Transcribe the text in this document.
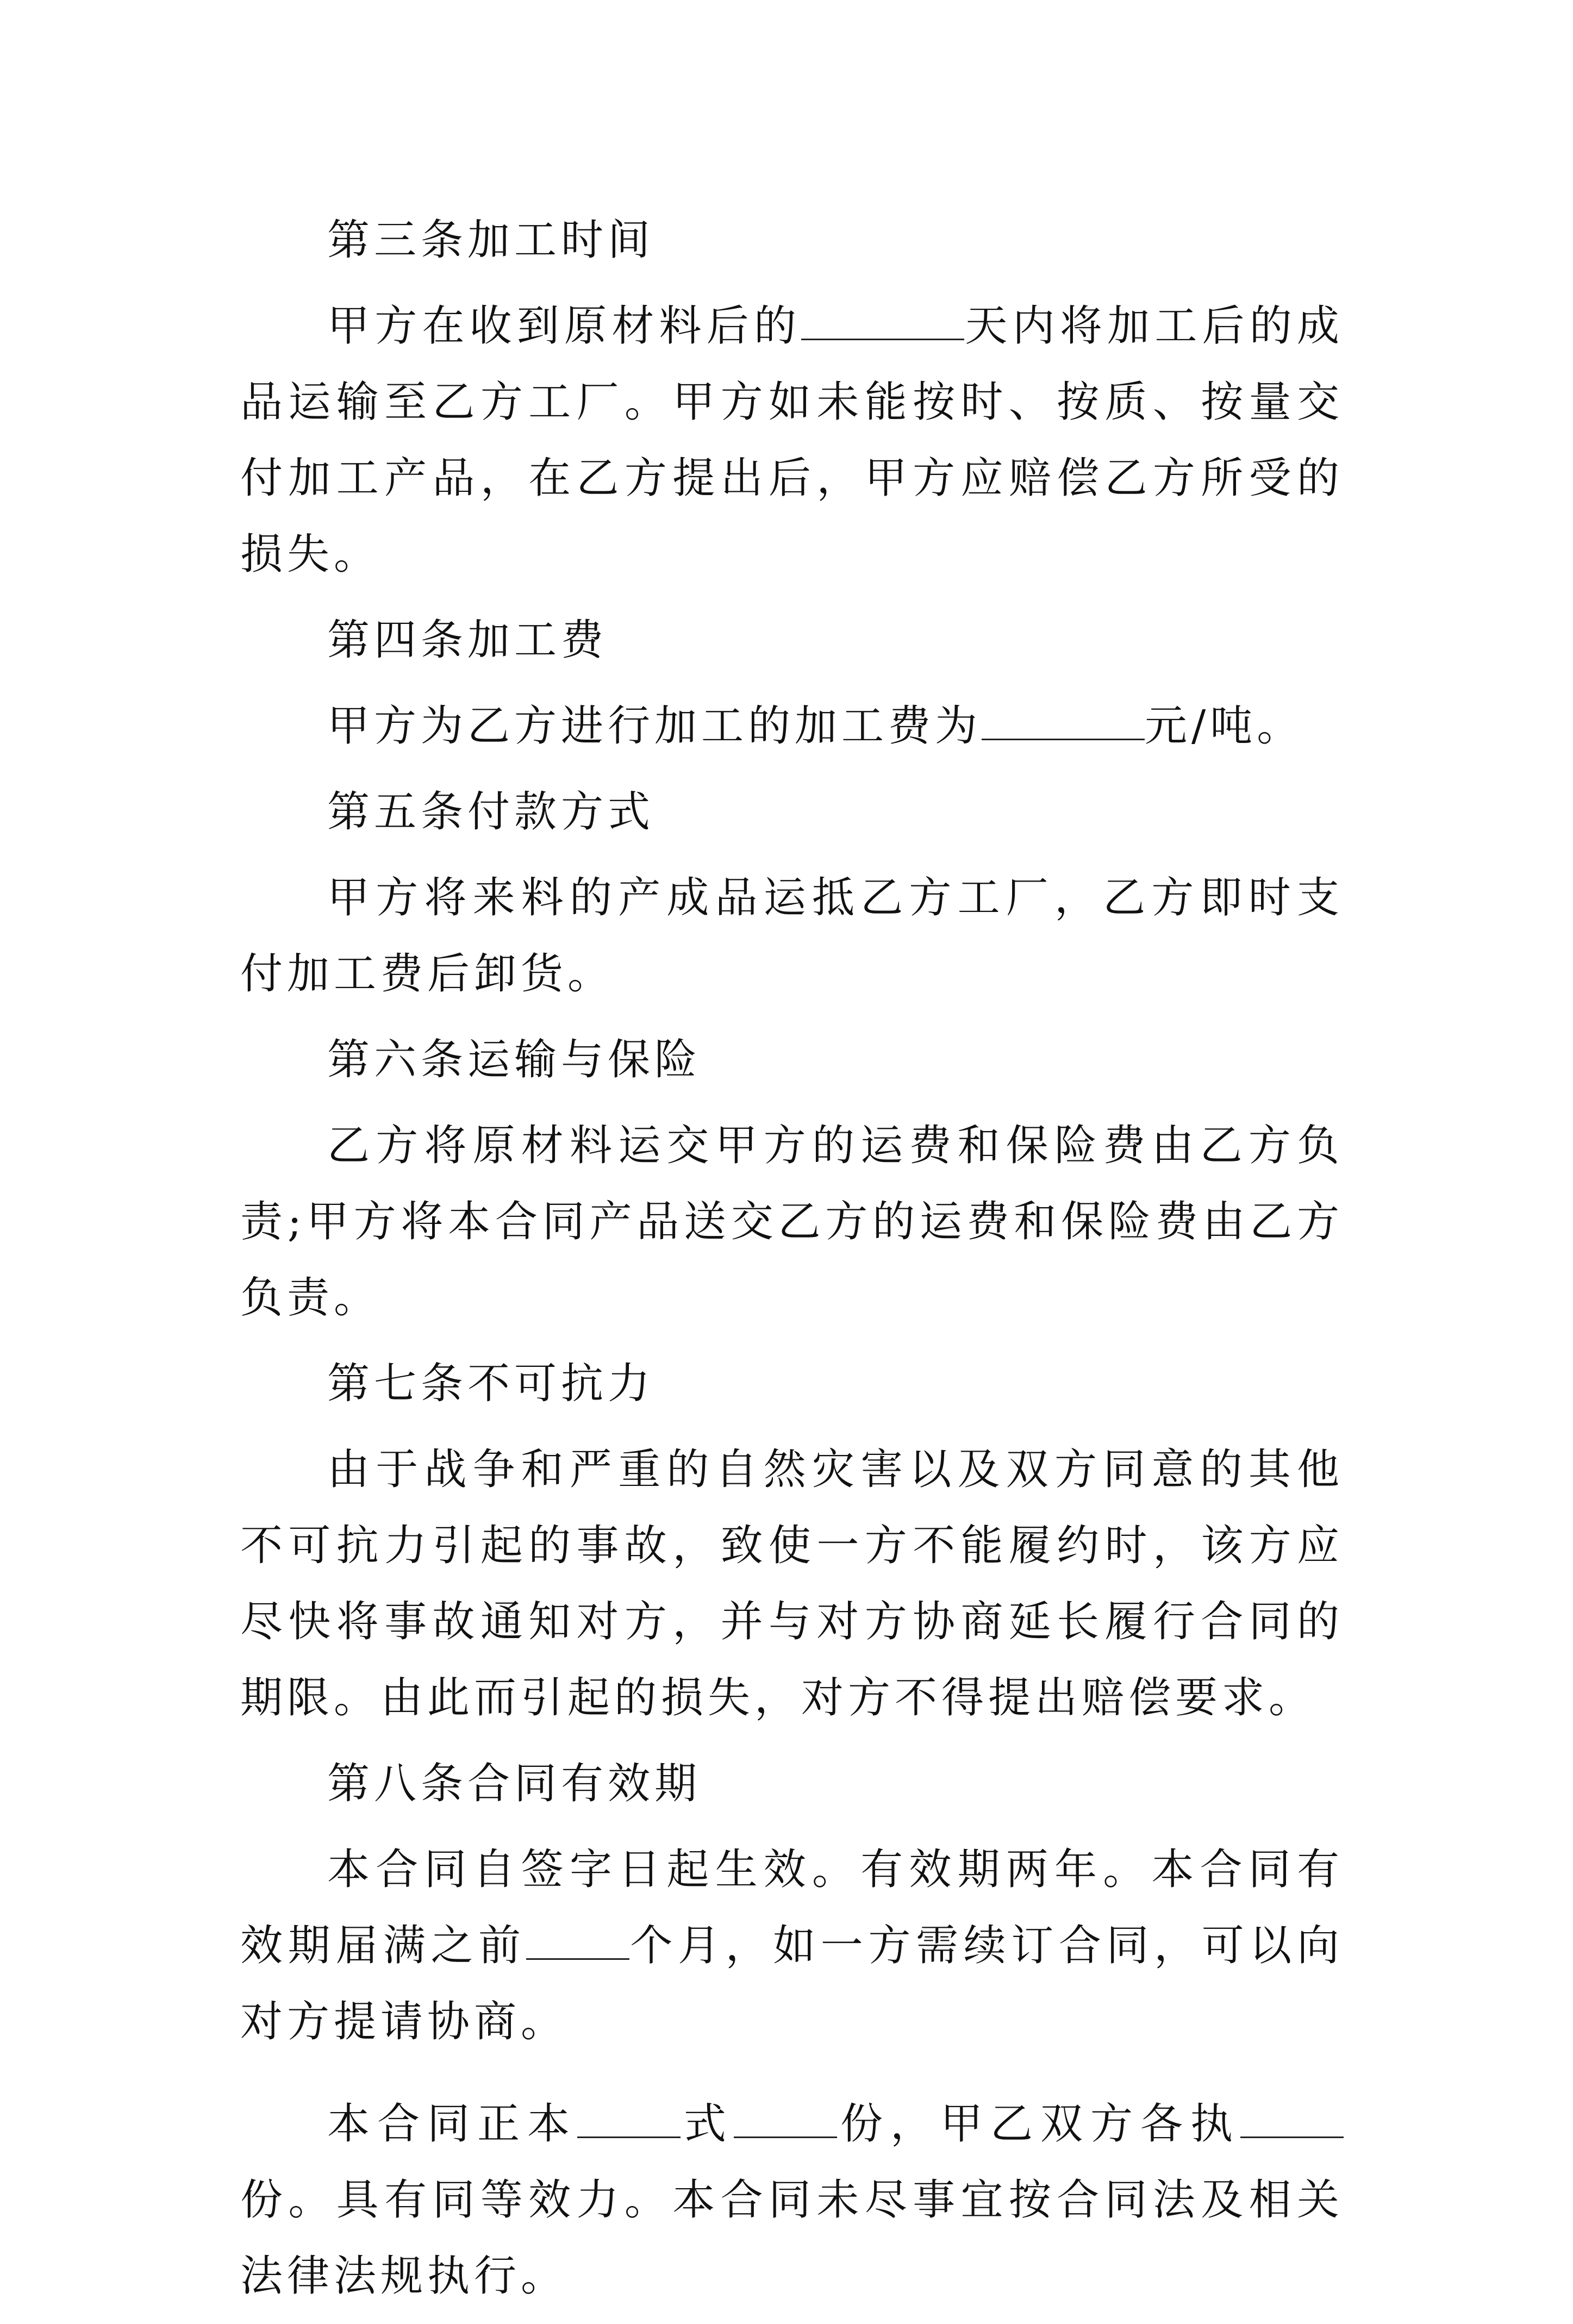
第三条加工时间

甲方在收到原材料后的	天内将加工后的成品运输至乙方工厂。甲方如未能按时、按质、按量交付加工产品，在乙方提出后，甲方应赔偿乙方所受的损失。

第四条加工费

甲方为乙方进行加工的加工费为	元/吨。

第五条付款方式

甲方将来料的产成品运抵乙方工厂，乙方即时支付加工费后卸货。

第六条运输与保险

乙方将原材料运交甲方的运费和保险费由乙方负责;甲方将本合同产品送交乙方的运费和保险费由乙方负责。

第七条不可抗力

由于战争和严重的自然灾害以及双方同意的其他不可抗力引起的事故，致使一方不能履约时，该方应尽快将事故通知对方，并与对方协商延长履行合同的期限。由此而引起的损失，对方不得提出赔偿要求。

第八条合同有效期

本合同自签字日起生效。有效期两年。本合同有效期届满之前 个月，如一方需续订合同，可以向对方提请协商。

本合同正本 式 份，甲乙双方各执份。具有同等效力。本合同未尽事宜按合同法及相关法律法规执行。
